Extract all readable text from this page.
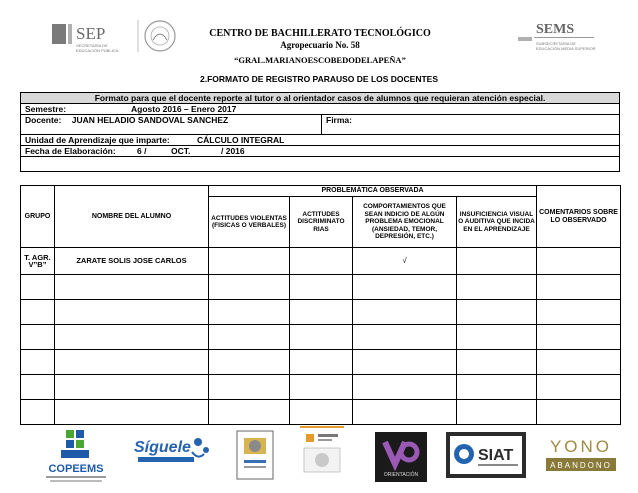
SEP
SECRETARÍA DE
EDUCACIÓN PÚBLICA
SEMS
SUBSECRETARÍA DE
EDUCACIÓN MEDIA SUPERIOR
CENTRO DE BACHILLERATO TECNOLÓGICO
Agropecuario No. 58
“GRAL.MARIANOESCOBEDODELAPEÑA”
2.FORMATO DE REGISTRO PARAUSO DE LOS DOCENTES
Formato para que el docente reporte al tutor o al orientador casos de alumnos que requieran atención especial.
Semestre:	Agosto 2016 – Enero 2017
Docente: JUAN HELADIO SANDOVAL SANCHEZ	Firma:
Unidad de Aprendizaje que imparte:	CÁLCULO INTEGRAL
Fecha de Elaboración:	6 /	OCT.	/ 2016
GRUPO	NOMBRE DEL ALUMNO	PROBLEMÁTICA OBSERVADA				COMENTARIOS SOBRE LO OBSERVADO
		ACTITUDES VIOLENTAS (FISICAS O VERBALES)	ACTITUDES DISCRIMINATO RIAS	COMPORTAMIENTOS QUE SEAN INDICIO DE ALGÚN PROBLEMA EMOCIONAL (ANSIEDAD, TEMOR, DEPRESIÓN, ETC.)	INSUFICIENCIA VISUAL O AUDITIVA QUE INCIDA EN EL APRENDIZAJE	
T. AGR. V”B”	ZARATE SOLIS JOSE CARLOS			√		

COPEEMS
Síguele
ORIENTACIÓN
SIAT YONO
ABANDONO
